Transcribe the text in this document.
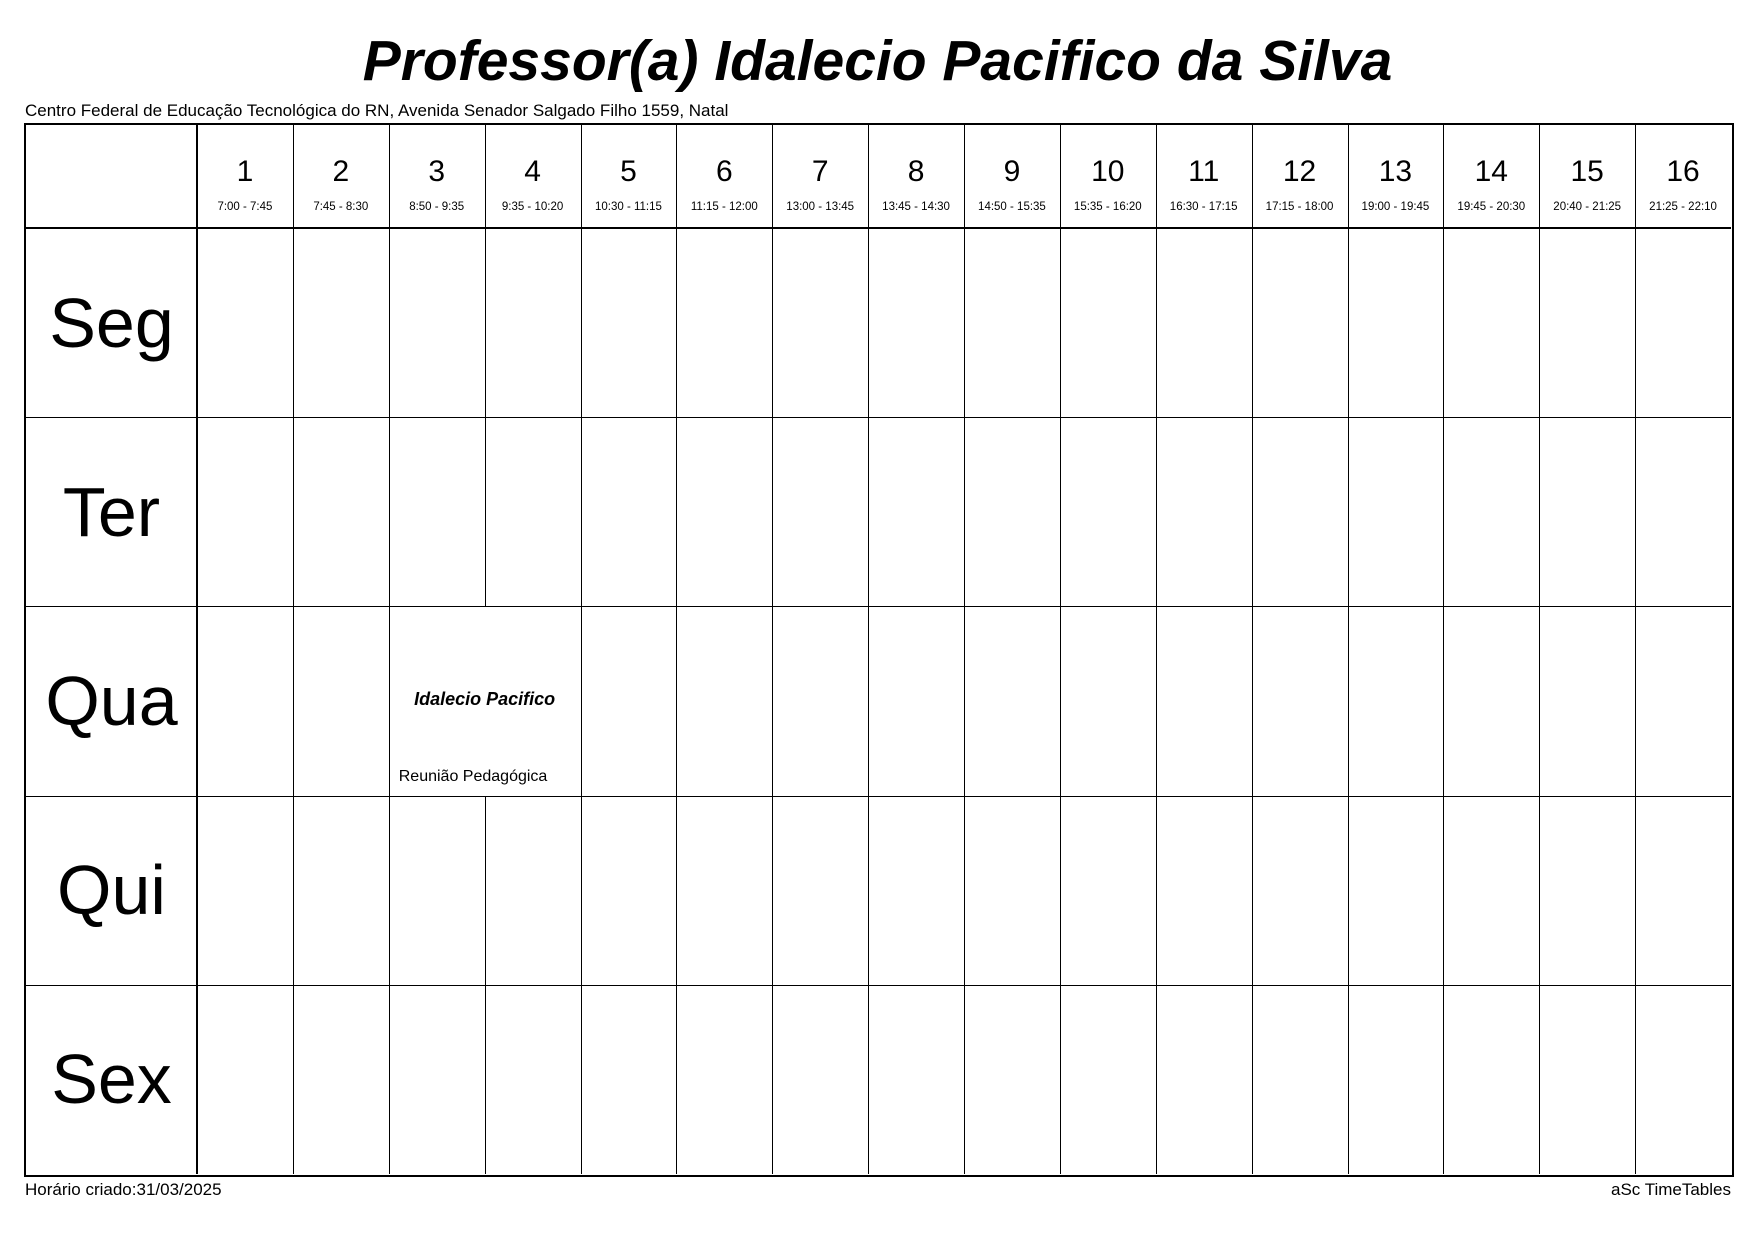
Professor(a) Idalecio Pacifico da Silva
Centro Federal de Educação Tecnológica do RN, Avenida Senador Salgado Filho 1559, Natal
1
7:00 - 7:45
2
7:45 - 8:30
3
8:50 - 9:35
4
9:35 - 10:20
5
10:30 - 11:15
6
11:15 - 12:00
7
13:00 - 13:45
8
13:45 - 14:30
9
14:50 - 15:35
10
15:35 - 16:20
11
16:30 - 17:15
12
17:15 - 18:00
13
19:00 - 19:45
14
19:45 - 20:30
15
20:40 - 21:25
16
21:25 - 22:10
Seg
Ter
Qua
Qui
Sex
Idalecio Pacifico
Reunião Pedagógica
Horário criado:31/03/2025	aSc TimeTables
